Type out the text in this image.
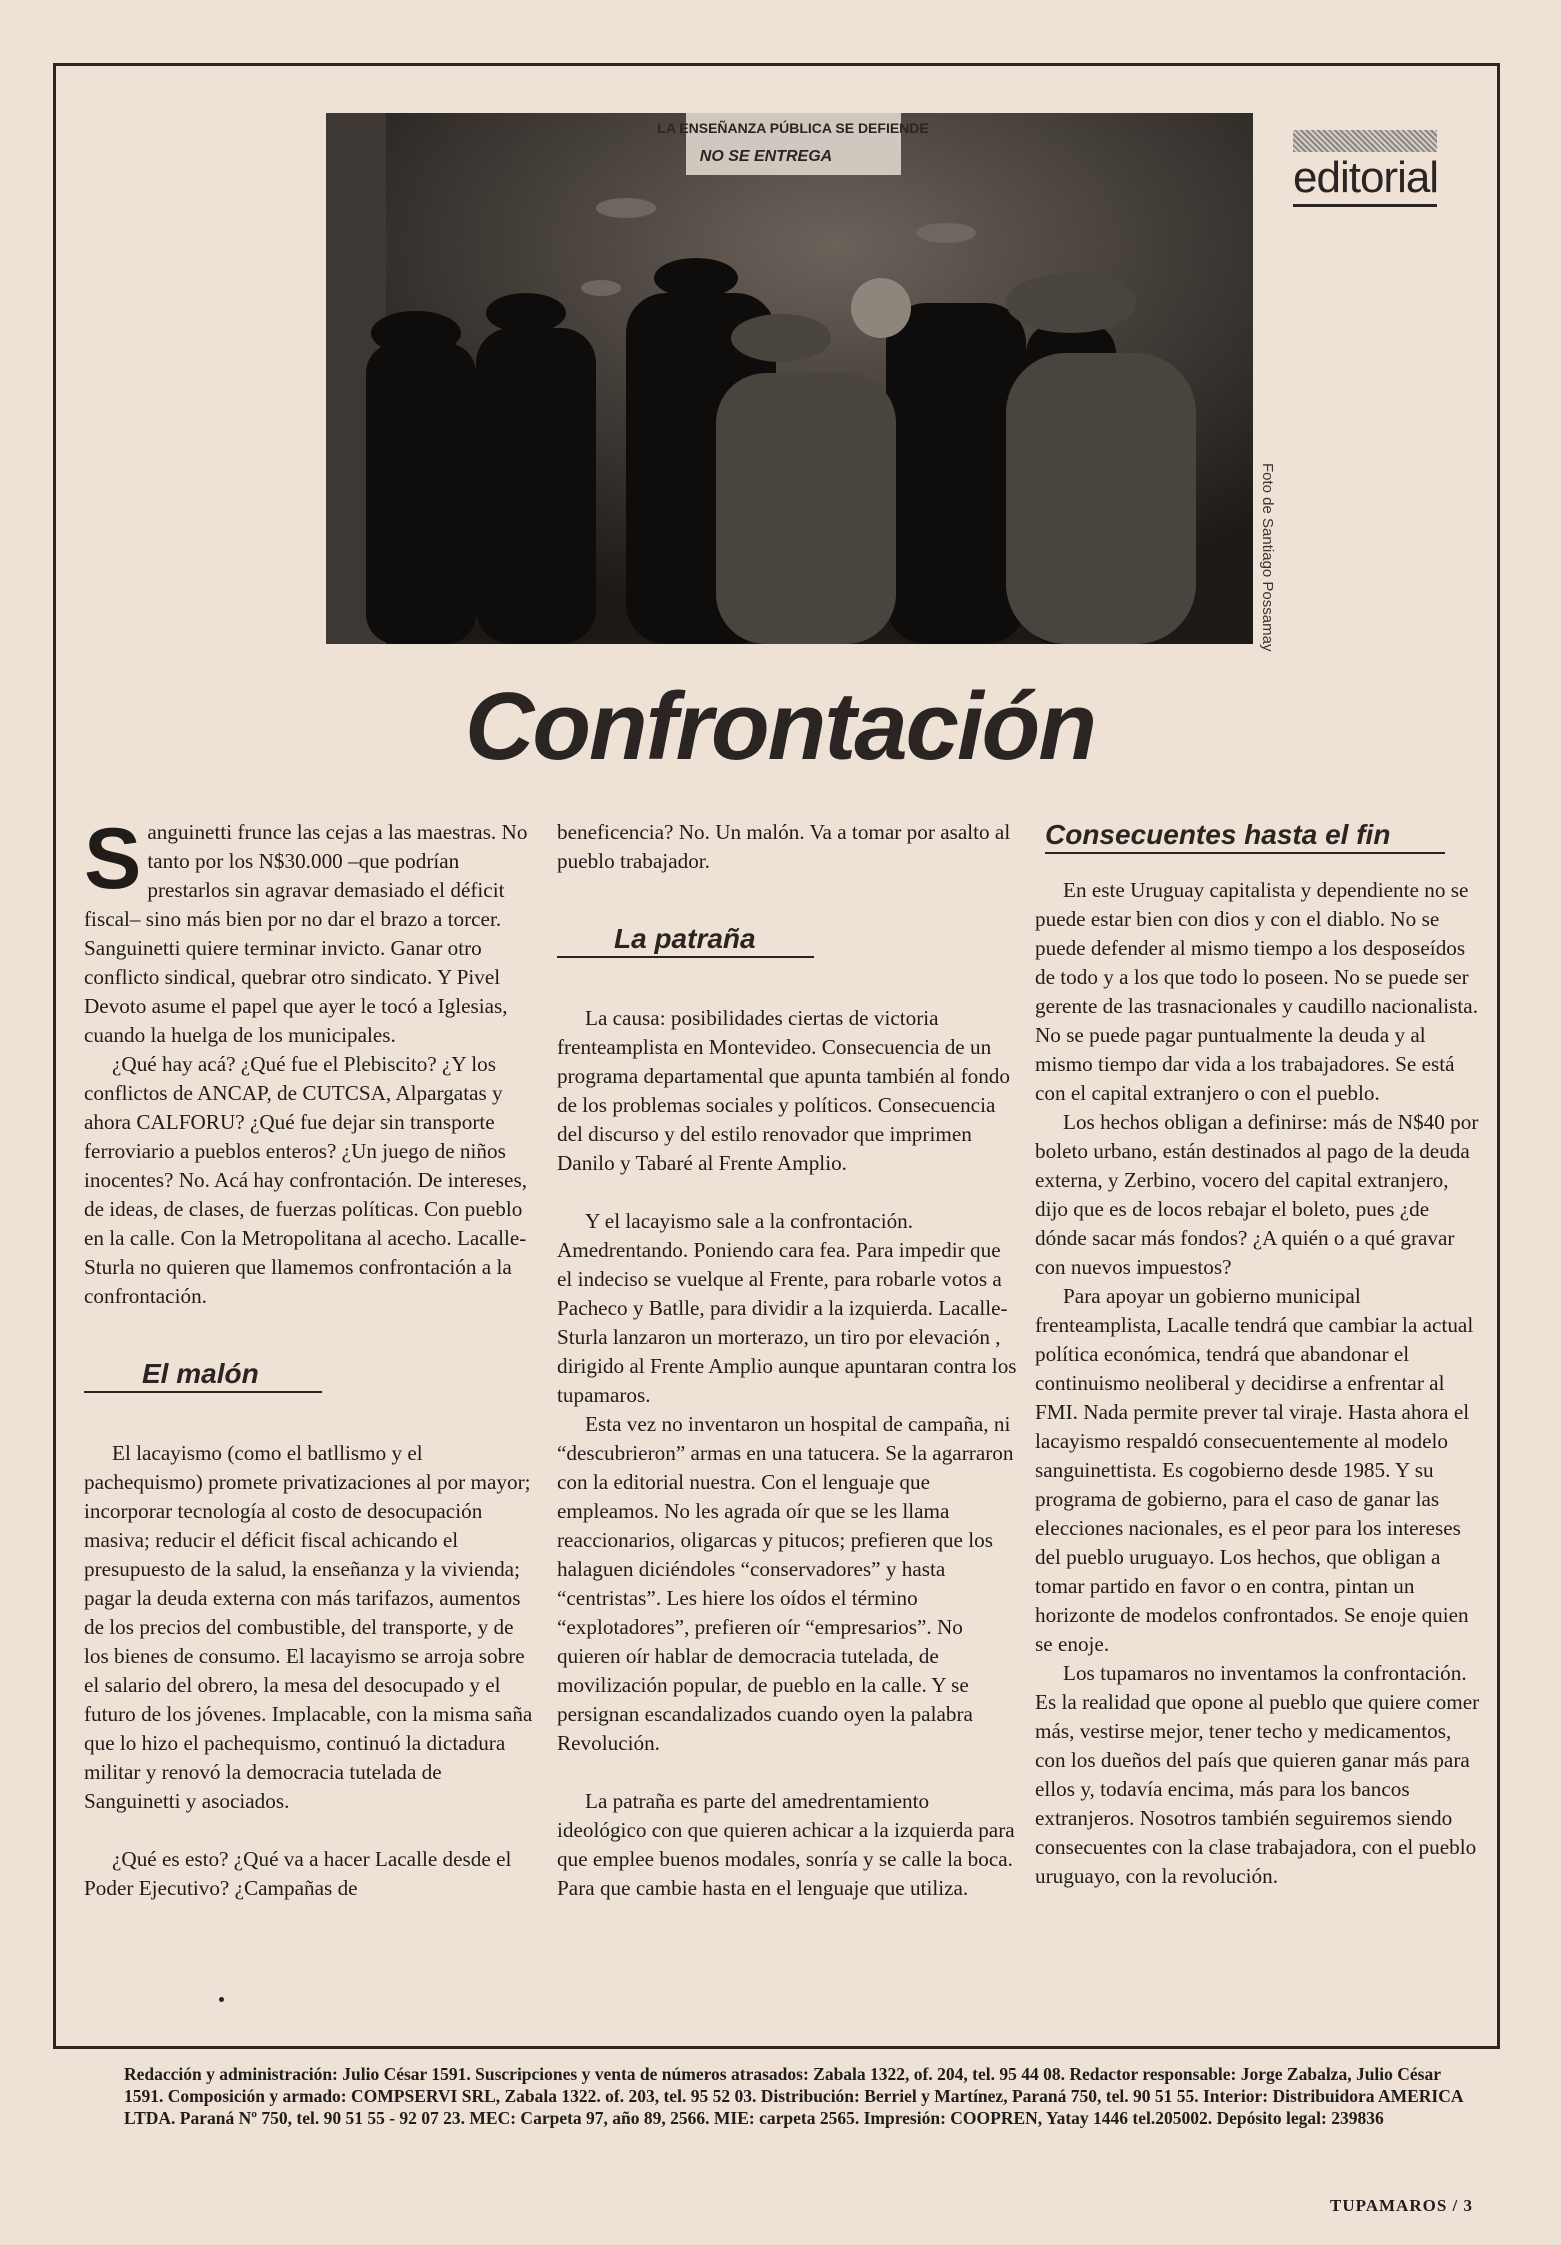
LA ENSEÑANZA PÚBLICA SE DEFIENDE
NO SE ENTREGA
Foto de Santiago Possamay
editorial
Confrontación

Sanguinetti frunce las cejas a las maestras. No tanto por los N$30.000 –que podrían prestarlos sin agravar demasiado el déficit fiscal– sino más bien por no dar el brazo a torcer. Sanguinetti quiere terminar invicto. Ganar otro conflicto sindical, quebrar otro sindicato. Y Pivel Devoto asume el papel que ayer le tocó a Iglesias, cuando la huelga de los municipales.

¿Qué hay acá? ¿Qué fue el Plebiscito? ¿Y los conflictos de ANCAP, de CUTCSA, Alpargatas y ahora CALFORU? ¿Qué fue dejar sin transporte ferroviario a pueblos enteros? ¿Un juego de niños inocentes? No. Acá hay confrontación. De intereses, de ideas, de clases, de fuerzas políticas. Con pueblo en la calle. Con la Metropolitana al acecho. Lacalle-Sturla no quieren que llamemos confrontación a la confrontación.

El malón

El lacayismo (como el batllismo y el pachequismo) promete privatizaciones al por mayor; incorporar tecnología al costo de desocupación masiva; reducir el déficit fiscal achicando el presupuesto de la salud, la enseñanza y la vivienda; pagar la deuda externa con más tarifazos, aumentos de los precios del combustible, del transporte, y de los bienes de consumo. El lacayismo se arroja sobre el salario del obrero, la mesa del desocupado y el futuro de los jóvenes. Implacable, con la misma saña que lo hizo el pachequismo, continuó la dictadura militar y renovó la democracia tutelada de Sanguinetti y asociados.

¿Qué es esto? ¿Qué va a hacer Lacalle desde el Poder Ejecutivo? ¿Campañas de

beneficencia? No. Un malón. Va a tomar por asalto al pueblo trabajador.

La patraña

La causa: posibilidades ciertas de victoria frenteamplista en Montevideo. Consecuencia de un programa departamental que apunta también al fondo de los problemas sociales y políticos. Consecuencia del discurso y del estilo renovador que imprimen Danilo y Tabaré al Frente Amplio.

Y el lacayismo sale a la confrontación. Amedrentando. Poniendo cara fea. Para impedir que el indeciso se vuelque al Frente, para robarle votos a Pacheco y Batlle, para dividir a la izquierda. Lacalle-Sturla lanzaron un morterazo, un tiro por elevación , dirigido al Frente Amplio aunque apuntaran contra los tupamaros.

Esta vez no inventaron un hospital de campaña, ni “descubrieron” armas en una tatucera. Se la agarraron con la editorial nuestra. Con el lenguaje que empleamos. No les agrada oír que se les llama reaccionarios, oligarcas y pitucos; prefieren que los halaguen diciéndoles “conservadores” y hasta “centristas”. Les hiere los oídos el término “explotadores”, prefieren oír “empresarios”. No quieren oír hablar de democracia tutelada, de movilización popular, de pueblo en la calle. Y se persignan escandalizados cuando oyen la palabra Revolución.

La patraña es parte del amedrentamiento ideológico con que quieren achicar a la izquierda para que emplee buenos modales, sonría y se calle la boca. Para que cambie hasta en el lenguaje que utiliza.

Consecuentes hasta el fin

En este Uruguay capitalista y dependiente no se puede estar bien con dios y con el diablo. No se puede defender al mismo tiempo a los desposeídos de todo y a los que todo lo poseen. No se puede ser gerente de las trasnacionales y caudillo nacionalista. No se puede pagar puntualmente la deuda y al mismo tiempo dar vida a los trabajadores. Se está con el capital extranjero o con el pueblo.

Los hechos obligan a definirse: más de N$40 por boleto urbano, están destinados al pago de la deuda externa, y Zerbino, vocero del capital extranjero, dijo que es de locos rebajar el boleto, pues ¿de dónde sacar más fondos? ¿A quién o a qué gravar con nuevos impuestos?

Para apoyar un gobierno municipal frenteamplista, Lacalle tendrá que cambiar la actual política económica, tendrá que abandonar el continuismo neoliberal y decidirse a enfrentar al FMI. Nada permite prever tal viraje. Hasta ahora el lacayismo respaldó consecuentemente al modelo sanguinettista. Es cogobierno desde 1985. Y su programa de gobierno, para el caso de ganar las elecciones nacionales, es el peor para los intereses del pueblo uruguayo. Los hechos, que obligan a tomar partido en favor o en contra, pintan un horizonte de modelos confrontados. Se enoje quien se enoje.

Los tupamaros no inventamos la confrontación. Es la realidad que opone al pueblo que quiere comer más, vestirse mejor, tener techo y medicamentos, con los dueños del país que quieren ganar más para ellos y, todavía encima, más para los bancos extranjeros. Nosotros también seguiremos siendo consecuentes con la clase trabajadora, con el pueblo uruguayo, con la revolución.

Redacción y administración: Julio César 1591. Suscripciones y venta de números atrasados: Zabala 1322, of. 204, tel. 95 44 08. Redactor responsable: Jorge Zabalza, Julio César 1591. Composición y armado: COMPSERVI SRL, Zabala 1322. of. 203, tel. 95 52 03. Distribución: Berriel y Martínez, Paraná 750, tel. 90 51 55. Interior: Distribuidora AMERICA LTDA. Paraná Nº 750, tel. 90 51 55 - 92 07 23. MEC: Carpeta 97, año 89, 2566. MIE: carpeta 2565. Impresión: COOPREN, Yatay 1446 tel.205002. Depósito legal: 239836
TUPAMAROS / 3
